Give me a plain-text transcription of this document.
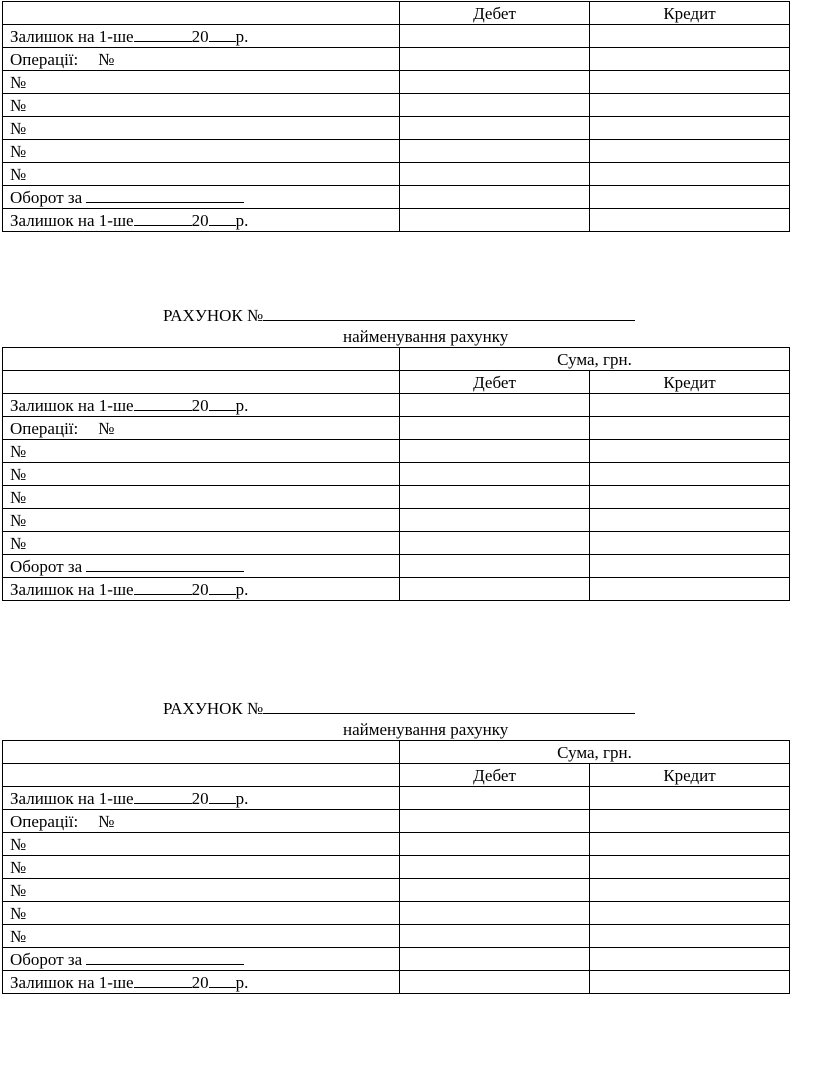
	Дебет	Кредит
Залишок на 1-ше 20 р.		
Операції: №		
№		
№		
№		
№		
№		
Оборот за		
Залишок на 1-ше 20 р.		
РАХУНОК №
найменування рахунку
	Сума, грн.	
	Дебет	Кредит
Залишок на 1-ше 20 р.		
Операції: №		
№		
№		
№		
№		
№		
Оборот за		
Залишок на 1-ше 20 р.		
РАХУНОК №
найменування рахунку
	Сума, грн.	
	Дебет	Кредит
Залишок на 1-ше 20 р.		
Операції: №		
№		
№		
№		
№		
№		
Оборот за		
Залишок на 1-ше 20 р.		
